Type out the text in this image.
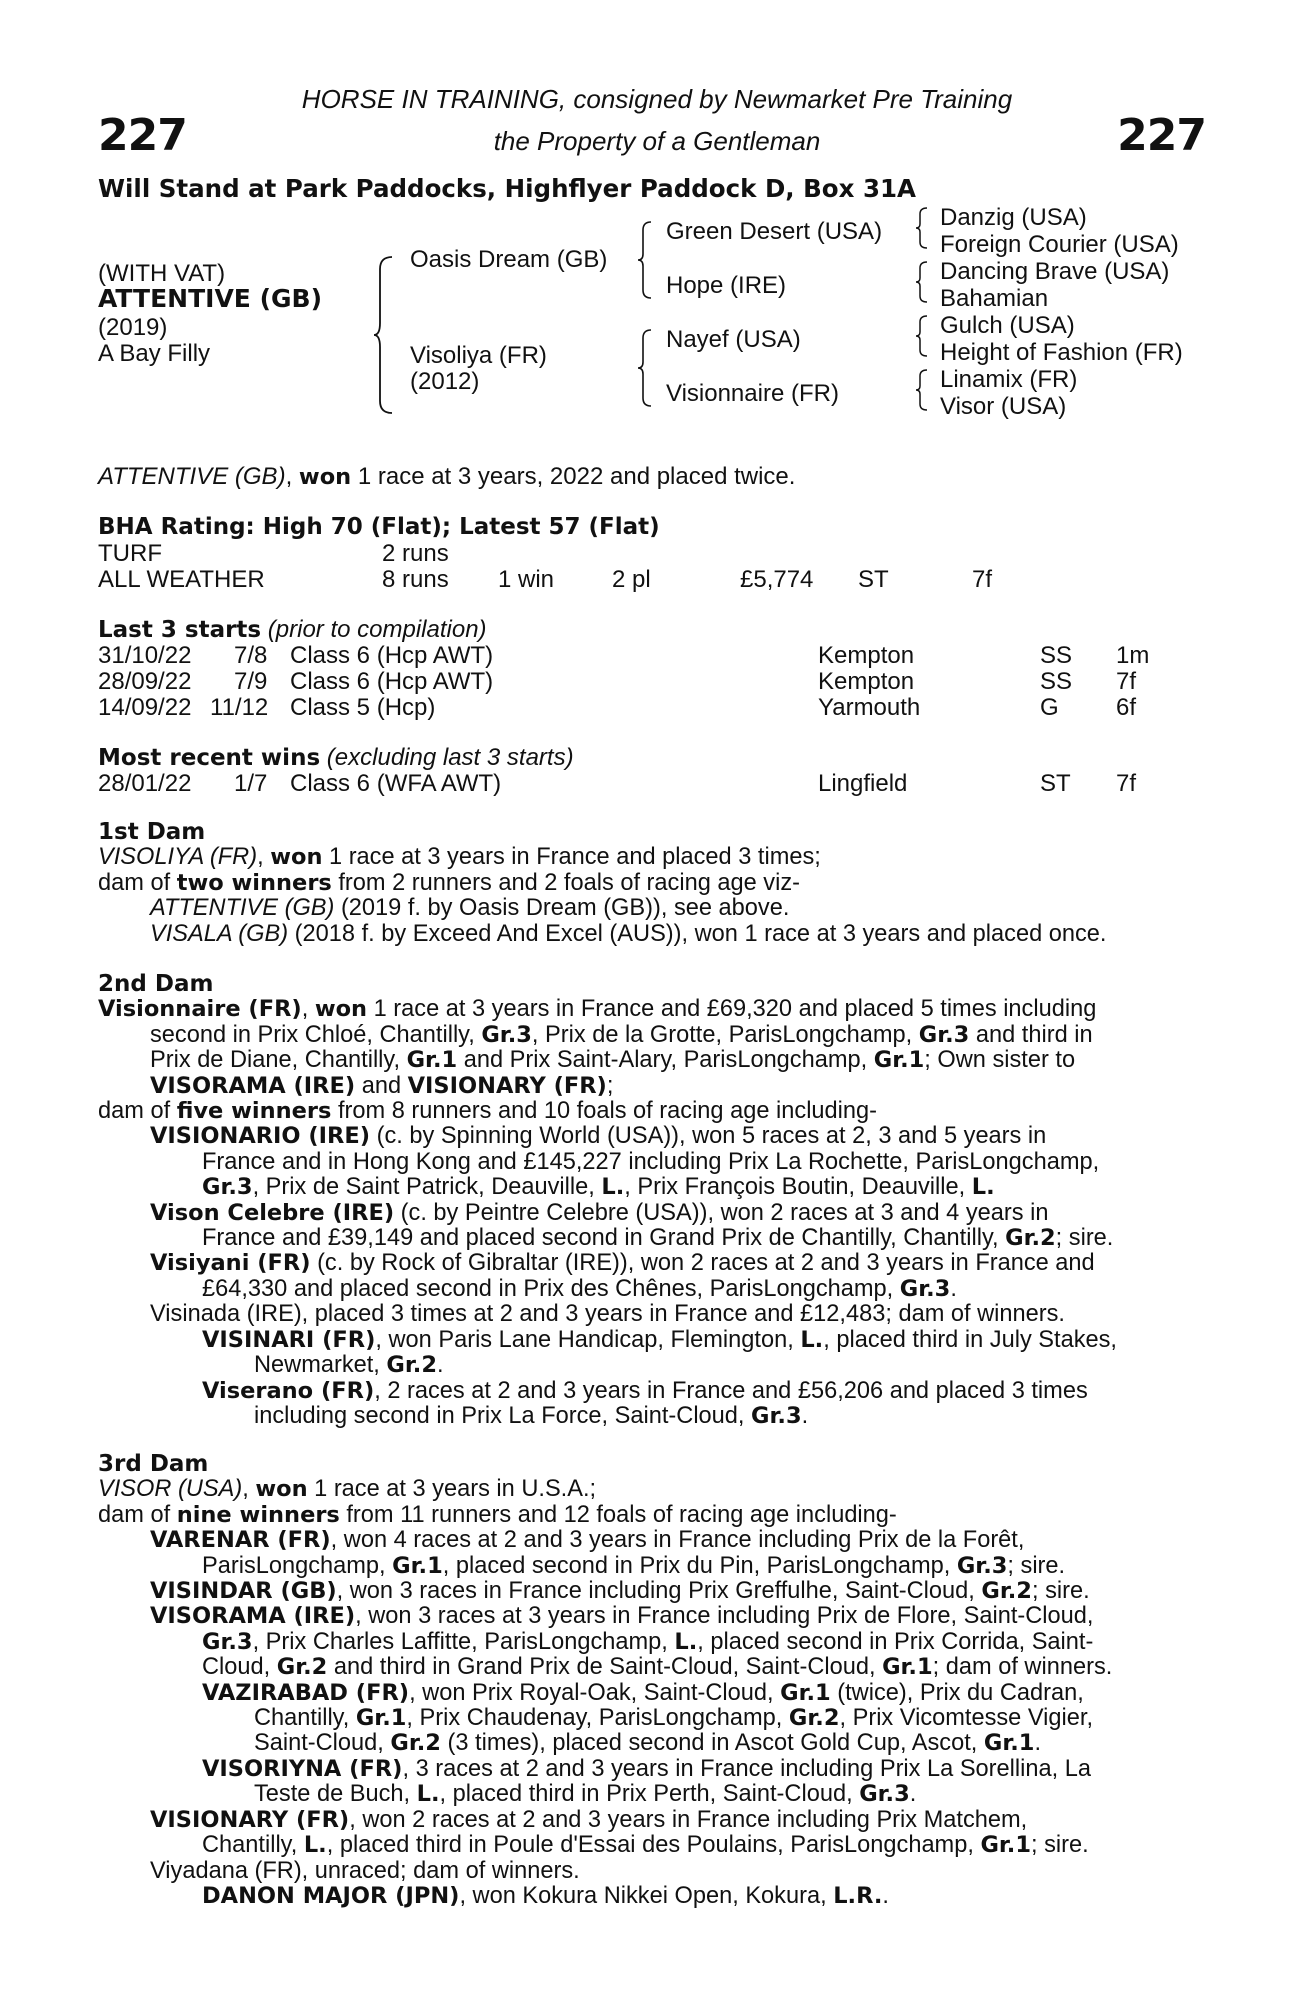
227	227
HORSE IN TRAINING, consigned by Newmarket Pre Training
the Property of a Gentleman
Will Stand at Park Paddocks, Highflyer Paddock D, Box 31A
(WITH VAT)
ATTENTIVE (GB)
(2019)
A Bay Filly
Oasis Dream (GB)
Visoliya (FR)
(2012)
Green Desert (USA)
Hope (IRE)
Nayef (USA)
Visionnaire (FR)
Danzig (USA)
Foreign Courier (USA)
Dancing Brave (USA)
Bahamian
Gulch (USA)
Height of Fashion (FR)
Linamix (FR)
Visor (USA)
ATTENTIVE (GB), won 1 race at 3 years, 2022 and placed twice.
BHA Rating: High 70 (Flat); Latest 57 (Flat)
TURF	2 runs
ALL WEATHER	8 runs 1 win 2 pl	£5,774 ST	7f
Last 3 starts (prior to compilation)
31/10/22 7/8 Class 6 (Hcp AWT)	Kempton	SS 1m
28/09/22 7/9 Class 6 (Hcp AWT)	Kempton	SS 7f
14/09/22 11/12 Class 5 (Hcp)	Yarmouth	G 6f
Most recent wins (excluding last 3 starts)
28/01/22 1/7 Class 6 (WFA AWT)	Lingfield	ST 7f
1st Dam
VISOLIYA (FR), won 1 race at 3 years in France and placed 3 times;
dam of two winners from 2 runners and 2 foals of racing age viz-
ATTENTIVE (GB) (2019 f. by Oasis Dream (GB)), see above.
VISALA (GB) (2018 f. by Exceed And Excel (AUS)), won 1 race at 3 years and placed once.
2nd Dam
Visionnaire (FR), won 1 race at 3 years in France and £69,320 and placed 5 times including
second in Prix Chloé, Chantilly, Gr.3, Prix de la Grotte, ParisLongchamp, Gr.3 and third in
Prix de Diane, Chantilly, Gr.1 and Prix Saint-Alary, ParisLongchamp, Gr.1; Own sister to
VISORAMA (IRE) and VISIONARY (FR);
dam of five winners from 8 runners and 10 foals of racing age including-
VISIONARIO (IRE) (c. by Spinning World (USA)), won 5 races at 2, 3 and 5 years in
France and in Hong Kong and £145,227 including Prix La Rochette, ParisLongchamp,
Gr.3, Prix de Saint Patrick, Deauville, L., Prix François Boutin, Deauville, L.
Vison Celebre (IRE) (c. by Peintre Celebre (USA)), won 2 races at 3 and 4 years in
France and £39,149 and placed second in Grand Prix de Chantilly, Chantilly, Gr.2; sire.
Visiyani (FR) (c. by Rock of Gibraltar (IRE)), won 2 races at 2 and 3 years in France and
£64,330 and placed second in Prix des Chênes, ParisLongchamp, Gr.3.
Visinada (IRE), placed 3 times at 2 and 3 years in France and £12,483; dam of winners.
VISINARI (FR), won Paris Lane Handicap, Flemington, L., placed third in July Stakes,
Newmarket, Gr.2.
Viserano (FR), 2 races at 2 and 3 years in France and £56,206 and placed 3 times
including second in Prix La Force, Saint-Cloud, Gr.3.
3rd Dam
VISOR (USA), won 1 race at 3 years in U.S.A.;
dam of nine winners from 11 runners and 12 foals of racing age including-
VARENAR (FR), won 4 races at 2 and 3 years in France including Prix de la Forêt,
ParisLongchamp, Gr.1, placed second in Prix du Pin, ParisLongchamp, Gr.3; sire.
VISINDAR (GB), won 3 races in France including Prix Greffulhe, Saint-Cloud, Gr.2; sire.
VISORAMA (IRE), won 3 races at 3 years in France including Prix de Flore, Saint-Cloud,
Gr.3, Prix Charles Laffitte, ParisLongchamp, L., placed second in Prix Corrida, Saint-
Cloud, Gr.2 and third in Grand Prix de Saint-Cloud, Saint-Cloud, Gr.1; dam of winners.
VAZIRABAD (FR), won Prix Royal-Oak, Saint-Cloud, Gr.1 (twice), Prix du Cadran,
Chantilly, Gr.1, Prix Chaudenay, ParisLongchamp, Gr.2, Prix Vicomtesse Vigier,
Saint-Cloud, Gr.2 (3 times), placed second in Ascot Gold Cup, Ascot, Gr.1.
VISORIYNA (FR), 3 races at 2 and 3 years in France including Prix La Sorellina, La
Teste de Buch, L., placed third in Prix Perth, Saint-Cloud, Gr.3.
VISIONARY (FR), won 2 races at 2 and 3 years in France including Prix Matchem,
Chantilly, L., placed third in Poule d'Essai des Poulains, ParisLongchamp, Gr.1; sire.
Viyadana (FR), unraced; dam of winners.
DANON MAJOR (JPN), won Kokura Nikkei Open, Kokura, L.R..
